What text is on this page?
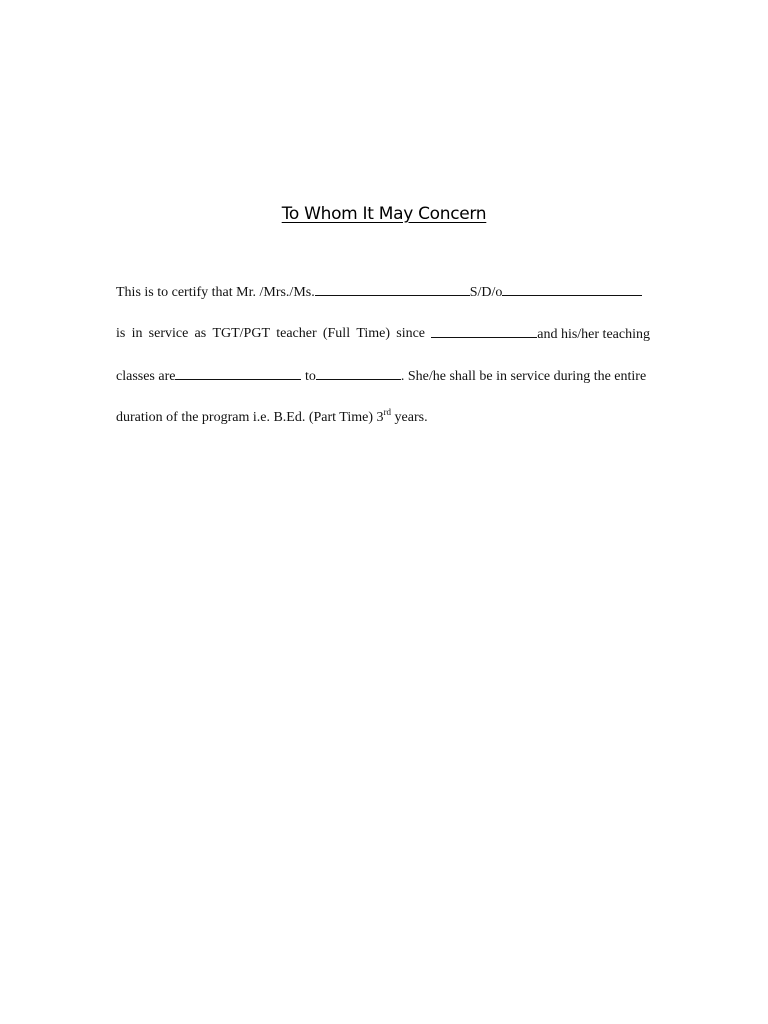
To Whom It May Concern
This is to certify that Mr. /Mrs./Ms.	S/D/o
is in service as TGT/PGT teacher (Full Time) since	and his/her teaching
classes are	to	. She/he shall be in service during the entire
duration of the program i.e. B.Ed. (Part Time) 3rd years.
